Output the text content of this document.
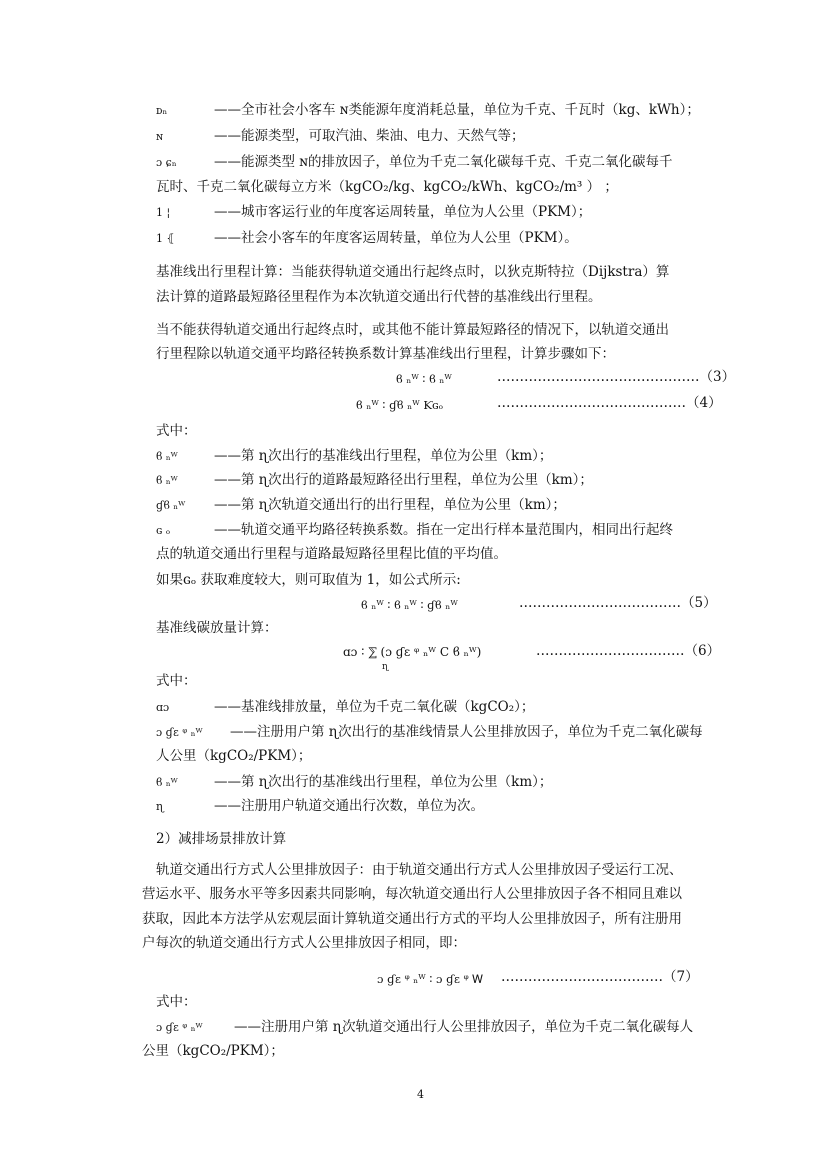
ᴅₙ	——全市社会小客车 ɴ类能源年度消耗总量，单位为千克、千瓦时（kg、kWh）；
ɴ	——能源类型，可取汽油、柴油、电力、天然气等；
ɔ ɕₙ	——能源类型 ɴ的排放因子，单位为千克二氧化碳每千克、千克二氧化碳每千
瓦时、千克二氧化碳每立方米（kgCO₂/kg、kgCO₂/kWh、kgCO₂/m³ ） ；
1 ¦	——城市客运行业的年度客运周转量，单位为人公里（PKM）；
1 ⦃	——社会小客车的年度客运周转量，单位为人公里（PKM）。
基准线出行里程计算：当能获得轨道交通出行起终点时，以狄克斯特拉（Dijkstra）算
法计算的道路最短路径里程作为本次轨道交通出行代替的基准线出行里程。
当不能获得轨道交通出行起终点时，或其他不能计算最短路径的情况下，以轨道交通出
行里程除以轨道交通平均路径转换系数计算基准线出行里程，计算步骤如下：
ϐ ₙᵂ ∶ ϐ ₙᵂ	………………………………………（3）
ϐ ₙᵂ ∶ ɠϐ ₙᵂ Ƙɢₒ	……………………………………（4）
式中：
ϐ ₙᵂ	——第 ɳ次出行的基准线出行里程，单位为公里（km）；
ϐ ₙᵂ	——第 ɳ次出行的道路最短路径出行里程，单位为公里（km）；
ɠϐ ₙᵂ ——第 ɳ次轨道交通出行的出行里程，单位为公里（km）；
ɢ ₒ	——轨道交通平均路径转换系数。指在一定出行样本量范围内，相同出行起终
点的轨道交通出行里程与道路最短路径里程比值的平均值。
如果ɢₒ 获取难度较大，则可取值为 1，如公式所示:
ϐ ₙᵂ ∶ ϐ ₙᵂ ∶ ɠϐ ₙᵂ	………………………………（5）
基准线碳放量计算：
ɑɔ ∶ ⅀ (ɔ ɠɛ ᵠ ₙᵂ Ϲ ϐ ₙᵂ)
ɳ
……………………………（6）
式中：
ɑɔ	——基准线排放量，单位为千克二氧化碳（kgCO₂）；
ɔ ɠɛ ᵠ ₙᵂ ——注册用户第 ɳ次出行的基准线情景人公里排放因子，单位为千克二氧化碳每
人公里（kgCO₂/PKM）；
ϐ ₙᵂ	——第 ɳ次出行的基准线出行里程，单位为公里（km）；
ɳ	——注册用户轨道交通出行次数，单位为次。
2）减排场景排放计算
轨道交通出行方式人公里排放因子：由于轨道交通出行方式人公里排放因子受运行工况、
营运水平、服务水平等多因素共同影响，每次轨道交通出行人公里排放因子各不相同且难以
获取，因此本方法学从宏观层面计算轨道交通出行方式的平均人公里排放因子，所有注册用
户每次的轨道交通出行方式人公里排放因子相同，即：
ɔ ɠɛ ᵠ ₙᵂ ∶ ɔ ɠɛ ᵠ Ꮃ ………………………………（7）
式中：
ɔ ɠɛ ᵠ ₙᵂ ——注册用户第 ɳ次轨道交通出行人公里排放因子，单位为千克二氧化碳每人
公里（kgCO₂/PKM）；
4
